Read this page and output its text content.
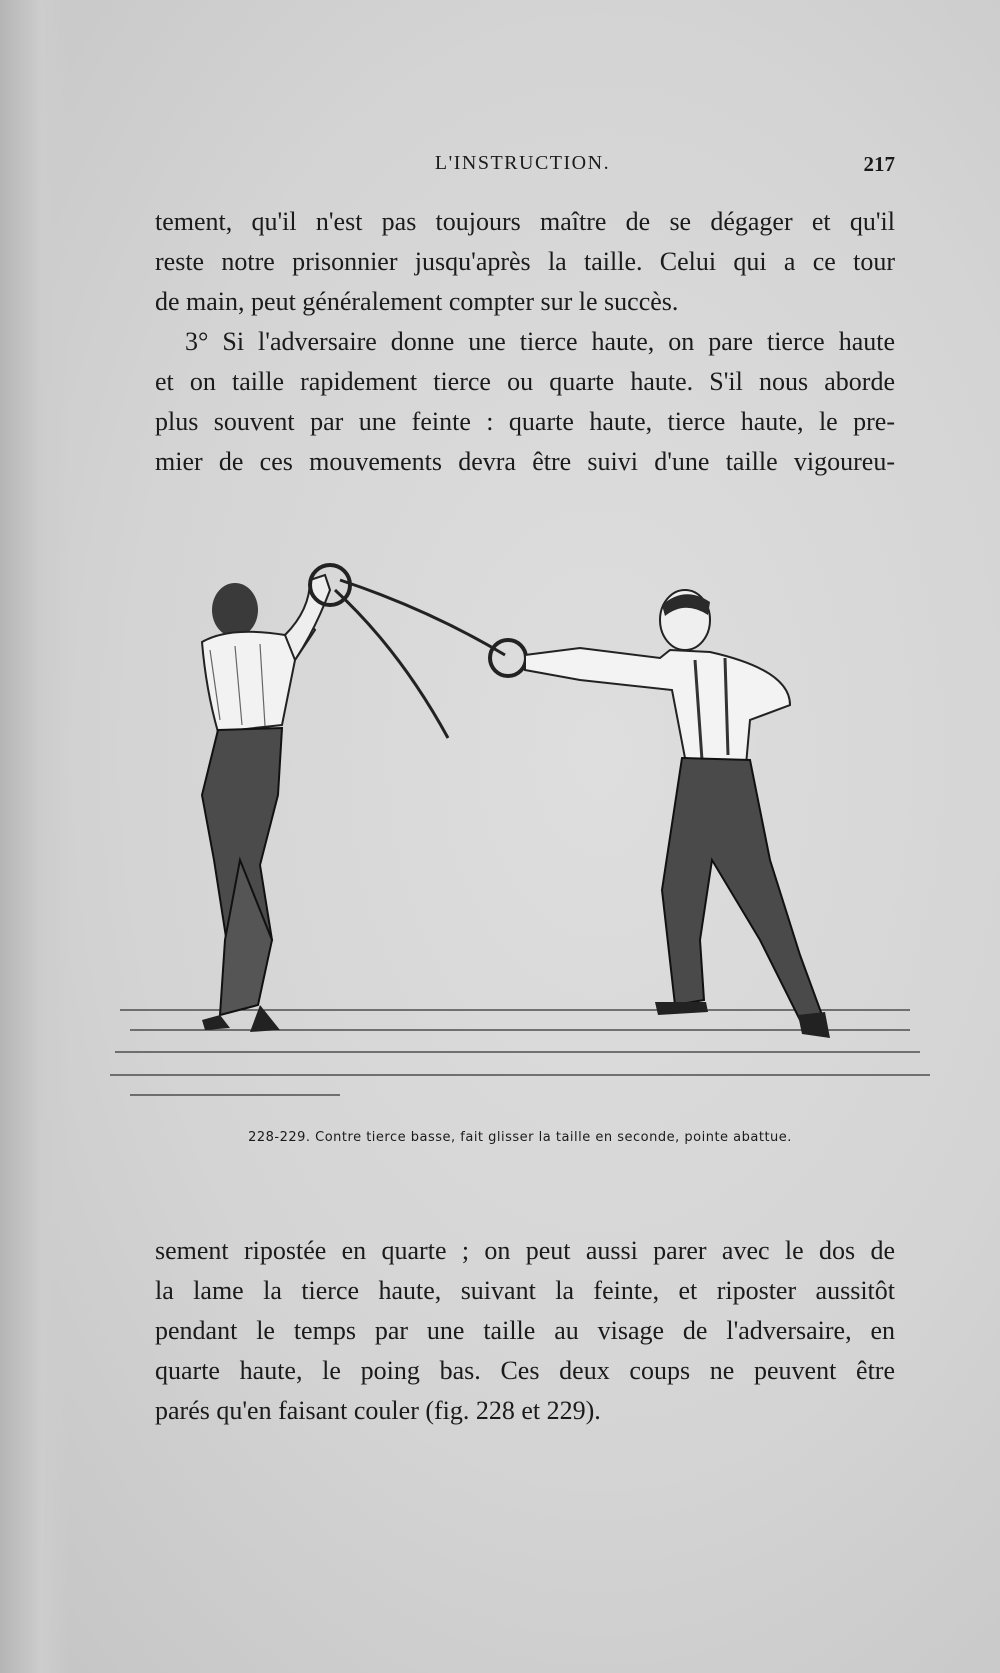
L'INSTRUCTION.	217

tement, qu'il n'est pas toujours maître de se dégager et qu'il
reste notre prisonnier jusqu'après la taille. Celui qui a ce tour
de main, peut généralement compter sur le succès.
3° Si l'adversaire donne une tierce haute, on pare tierce haute
et on taille rapidement tierce ou quarte haute. S'il nous aborde
plus souvent par une feinte : quarte haute, tierce haute, le pre-
mier de ces mouvements devra être suivi d'une taille vigoureu-

228-229. Contre tierce basse, fait glisser la taille en seconde, pointe abattue.

sement ripostée en quarte ; on peut aussi parer avec le dos de
la lame la tierce haute, suivant la feinte, et riposter aussitôt
pendant le temps par une taille au visage de l'adversaire, en
quarte haute, le poing bas. Ces deux coups ne peuvent être
parés qu'en faisant couler (fig. 228 et 229).
